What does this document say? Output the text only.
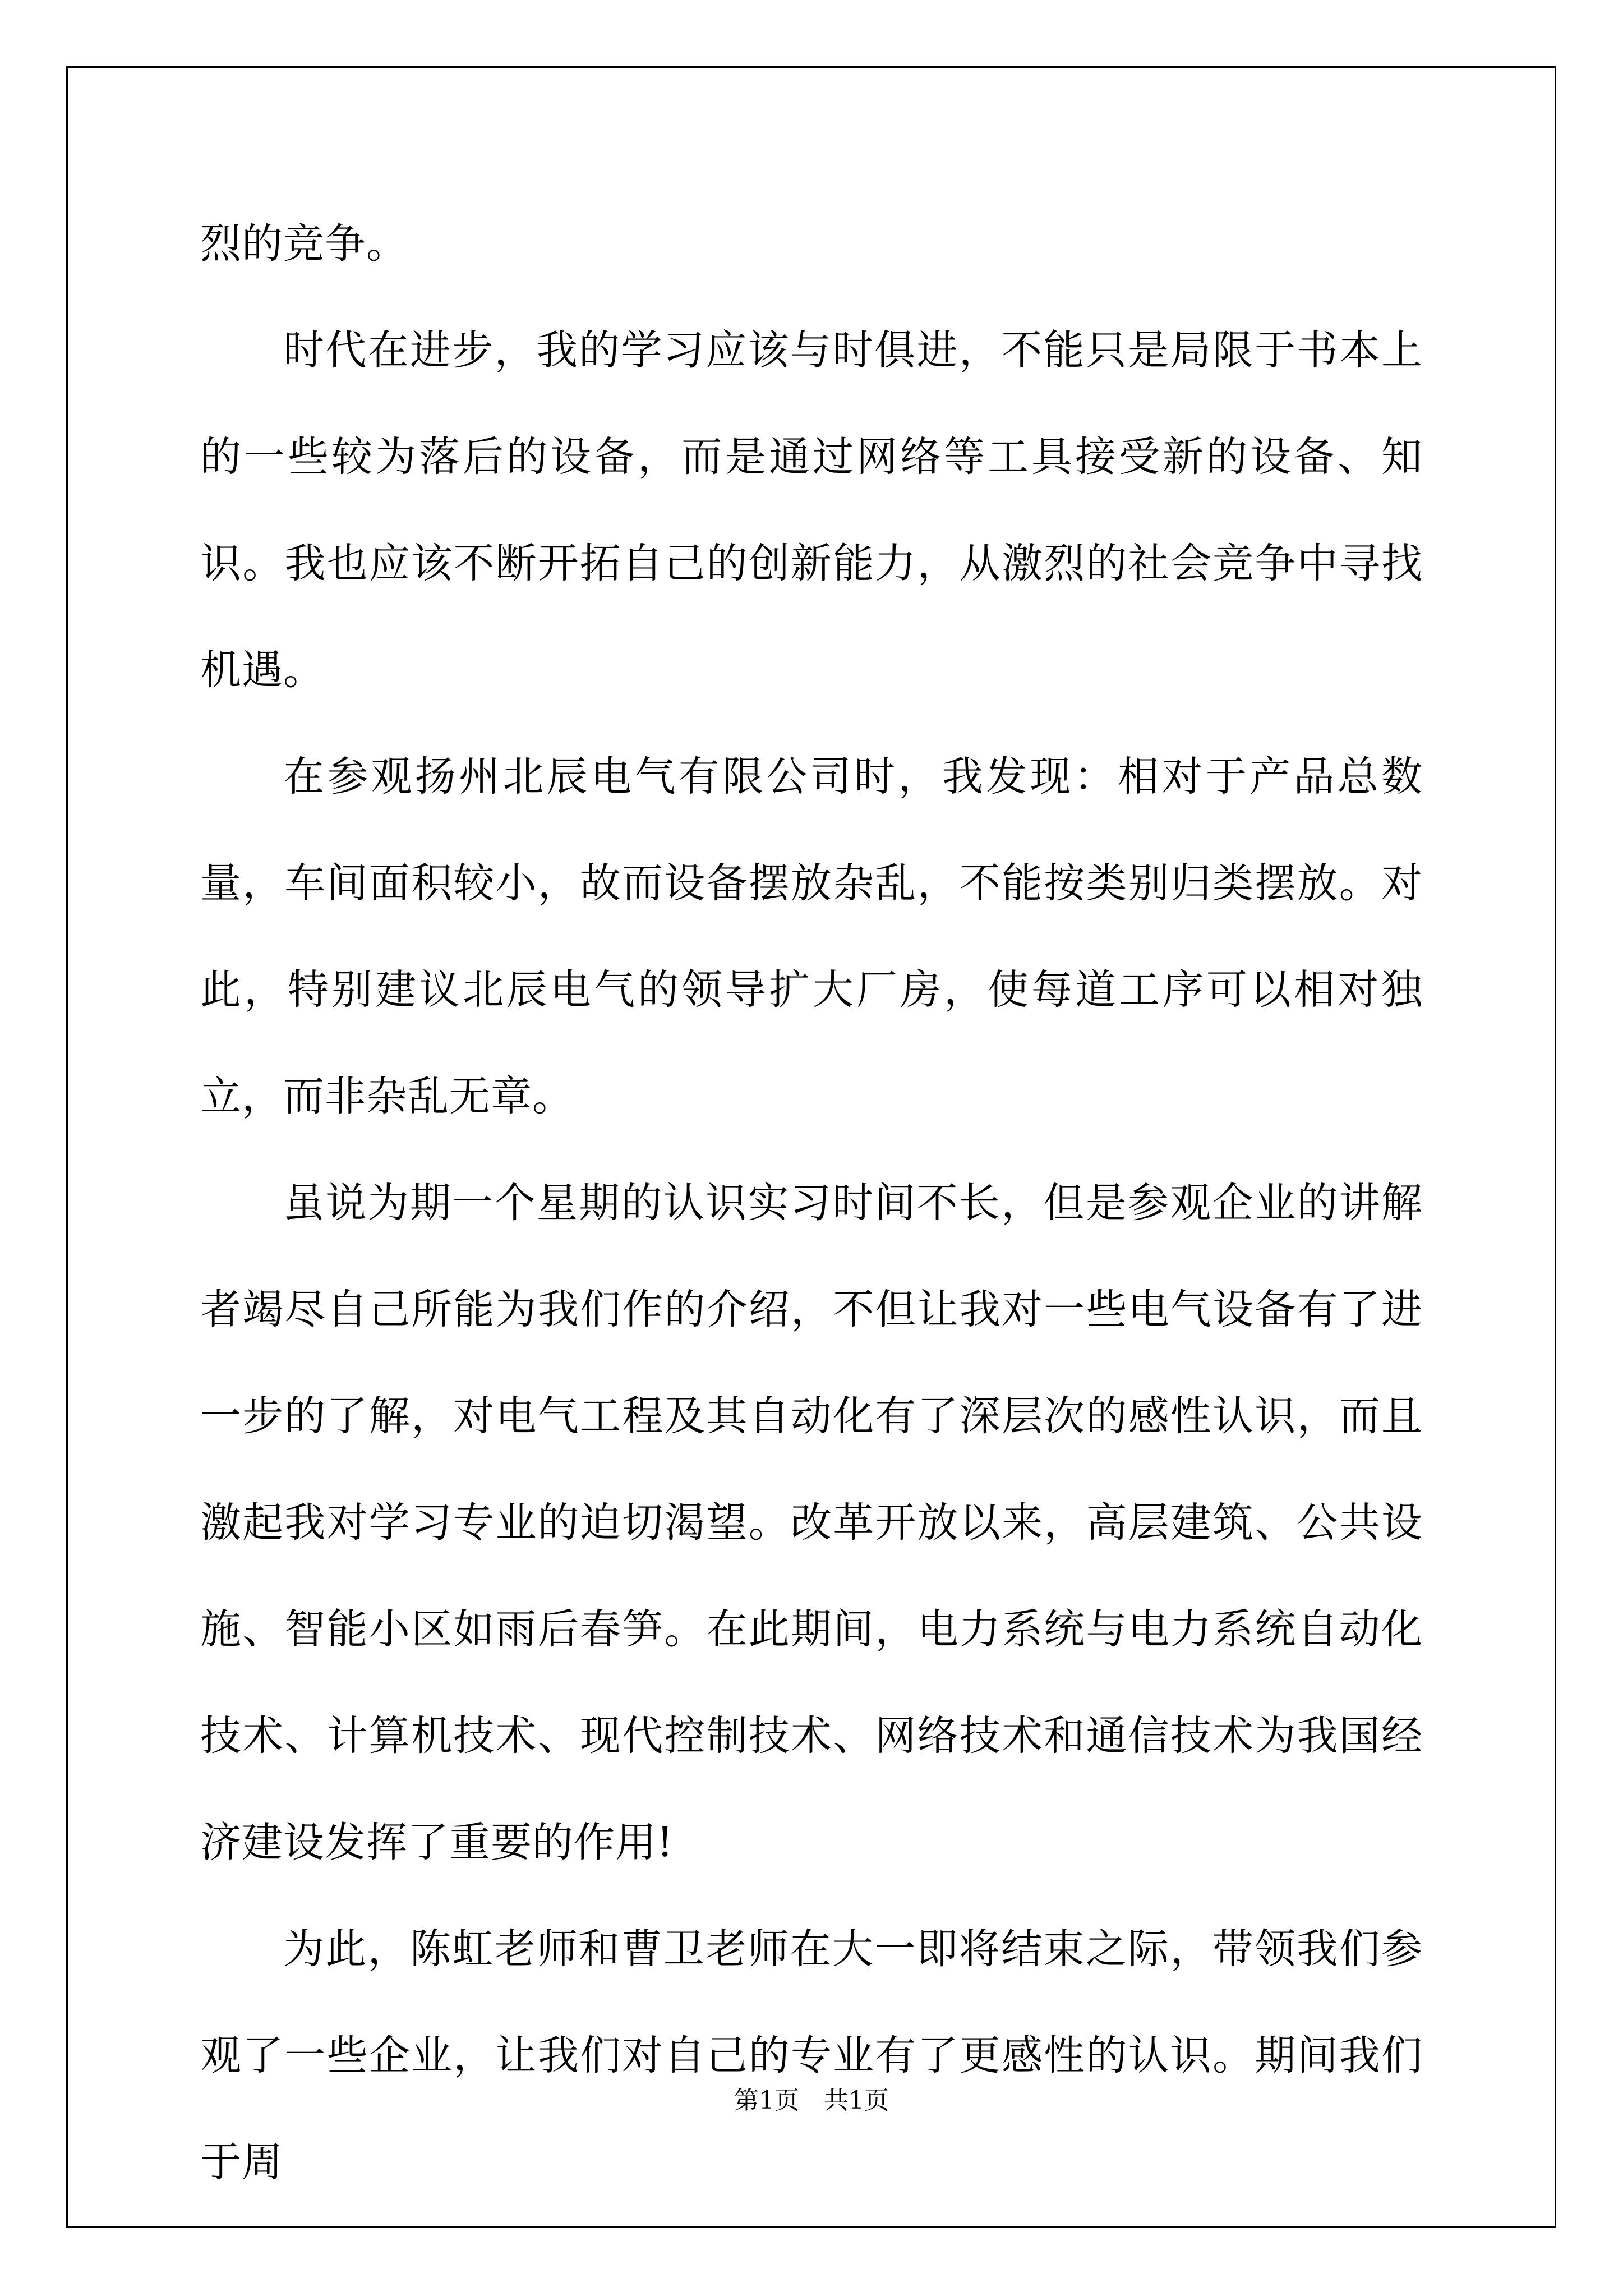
烈的竞争。

时代在进步，我的学习应该与时俱进，不能只是局限于书本上的一些较为落后的设备，而是通过网络等工具接受新的设备、知识。我也应该不断开拓自己的创新能力，从激烈的社会竞争中寻找机遇。

在参观扬州北辰电气有限公司时，我发现：相对于产品总数量，车间面积较小，故而设备摆放杂乱，不能按类别归类摆放。对此，特别建议北辰电气的领导扩大厂房，使每道工序可以相对独立，而非杂乱无章。

虽说为期一个星期的认识实习时间不长，但是参观企业的讲解者竭尽自己所能为我们作的介绍，不但让我对一些电气设备有了进一步的了解，对电气工程及其自动化有了深层次的感性认识，而且激起我对学习专业的迫切渴望。改革开放以来，高层建筑、公共设施、智能小区如雨后春笋。在此期间，电力系统与电力系统自动化技术、计算机技术、现代控制技术、网络技术和通信技术为我国经济建设发挥了重要的作用!

为此，陈虹老师和曹卫老师在大一即将结束之际，带领我们参观了一些企业，让我们对自己的专业有了更感性的认识。期间我们于周

第1页　共1页
